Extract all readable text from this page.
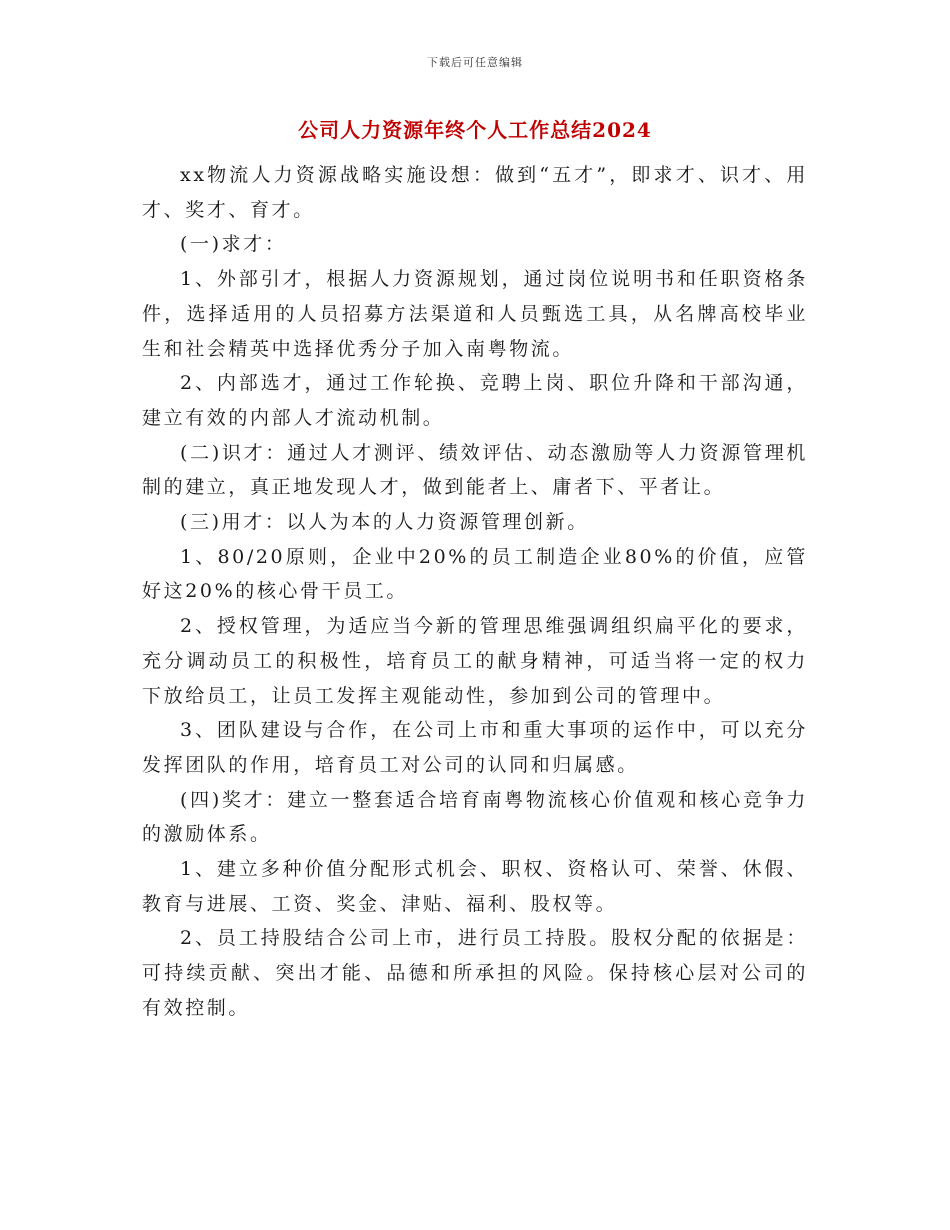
下载后可任意编辑
公司人力资源年终个人工作总结2024

xx物流人力资源战略实施设想：做到“五才”，即求才、识才、用才、奖才、育才。

(一)求才：

1、外部引才，根据人力资源规划，通过岗位说明书和任职资格条件，选择适用的人员招募方法渠道和人员甄选工具，从名牌高校毕业生和社会精英中选择优秀分子加入南粤物流。

2、内部选才，通过工作轮换、竞聘上岗、职位升降和干部沟通，建立有效的内部人才流动机制。

(二)识才：通过人才测评、绩效评估、动态激励等人力资源管理机制的建立，真正地发现人才，做到能者上、庸者下、平者让。

(三)用才：以人为本的人力资源管理创新。

1、80/20原则，企业中20%的员工制造企业80%的价值，应管好这20%的核心骨干员工。

2、授权管理，为适应当今新的管理思维强调组织扁平化的要求，充分调动员工的积极性，培育员工的献身精神，可适当将一定的权力下放给员工，让员工发挥主观能动性，参加到公司的管理中。

3、团队建设与合作，在公司上市和重大事项的运作中，可以充分发挥团队的作用，培育员工对公司的认同和归属感。

(四)奖才：建立一整套适合培育南粤物流核心价值观和核心竞争力的激励体系。

1、建立多种价值分配形式机会、职权、资格认可、荣誉、休假、教育与进展、工资、奖金、津贴、福利、股权等。

2、员工持股结合公司上市，进行员工持股。股权分配的依据是：可持续贡献、突出才能、品德和所承担的风险。保持核心层对公司的有效控制。
